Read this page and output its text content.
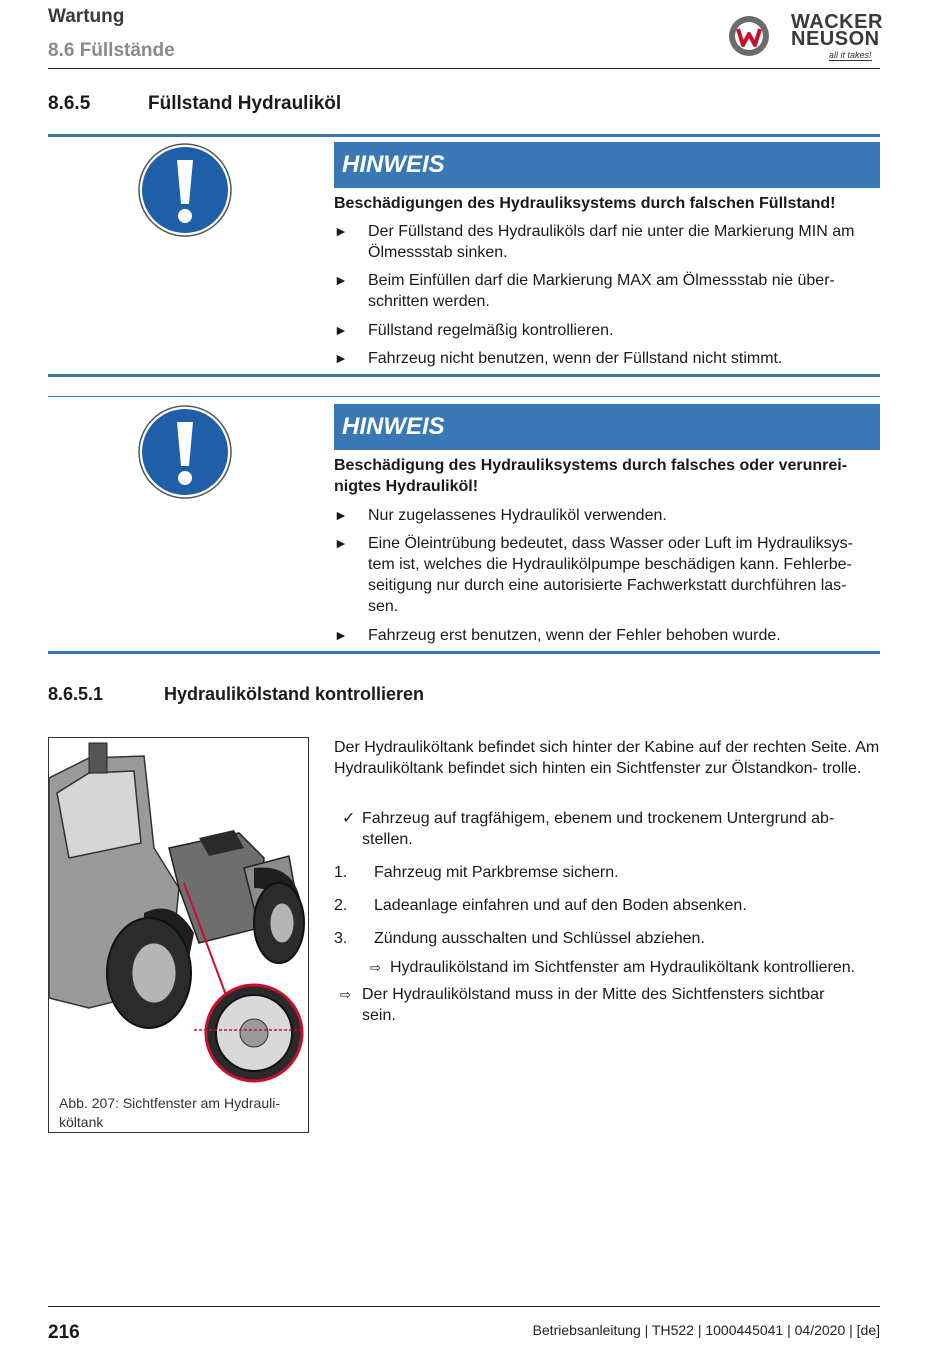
Wartung
8.6 Füllstände
WACKER
NEUSON
all it takes!
8.6.5	Füllstand Hydrauliköl
HINWEIS
Beschädigungen des Hydrauliksystems durch falschen Füllstand!
► Der Füllstand des Hydrauliköls darf nie unter die Markierung MIN am Ölmessstab sinken.
► Beim Einfüllen darf die Markierung MAX am Ölmessstab nie über- schritten werden.
► Füllstand regelmäßig kontrollieren.
► Fahrzeug nicht benutzen, wenn der Füllstand nicht stimmt.
HINWEIS
Beschädigung des Hydrauliksystems durch falsches oder verunrei- nigtes Hydrauliköl!
► Nur zugelassenes Hydrauliköl verwenden.
► Eine Öleintrübung bedeutet, dass Wasser oder Luft im Hydrauliksys- tem ist, welches die Hydraulikölpumpe beschädigen kann. Fehlerbe- seitigung nur durch eine autorisierte Fachwerkstatt durchführen las- sen.
► Fahrzeug erst benutzen, wenn der Fehler behoben wurde.
8.6.5.1	Hydraulikölstand kontrollieren
Abb. 207: Sichtfenster am Hydrauli- költank
Der Hydrauliköltank befindet sich hinter der Kabine auf der rechten Seite. Am Hydrauliköltank befindet sich hinten ein Sichtfenster zur Ölstandkon- trolle.
✓ Fahrzeug auf tragfähigem, ebenem und trockenem Untergrund ab- stellen.
1. Fahrzeug mit Parkbremse sichern.
2. Ladeanlage einfahren und auf den Boden absenken.
3. Zündung ausschalten und Schlüssel abziehen.
⇨ Hydraulikölstand im Sichtfenster am Hydrauliköltank kontrollieren.
⇨ Der Hydraulikölstand muss in der Mitte des Sichtfensters sichtbar sein.
216	Betriebsanleitung | TH522 | 1000445041 | 04/2020 | [de]
